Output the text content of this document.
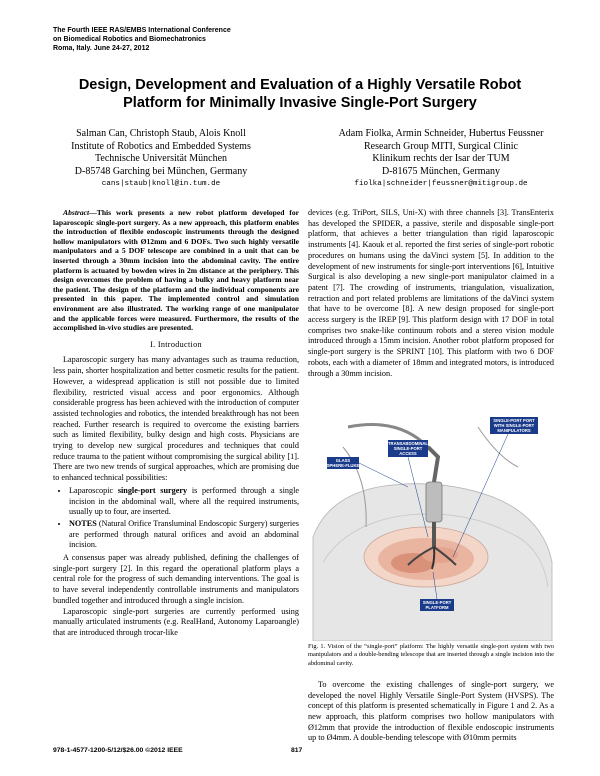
The Fourth IEEE RAS/EMBS International Conference
on Biomedical Robotics and Biomechatronics
Roma, Italy. June 24-27, 2012
Design, Development and Evaluation of a Highly Versatile Robot
Platform for Minimally Invasive Single-Port Surgery
Salman Can, Christoph Staub, Alois Knoll
Institute of Robotics and Embedded Systems
Technische Universität München
D-85748 Garching bei München, Germany
cans|staub|knoll@in.tum.de
Adam Fiolka, Armin Schneider, Hubertus Feussner
Research Group MITI, Surgical Clinic
Klinikum rechts der Isar der TUM
D-81675 München, Germany
fiolka|schneider|feussner@mitigroup.de
Abstract—This work presents a new robot platform developed for laparoscopic single-port surgery. As a new approach, this platform enables the introduction of flexible endoscopic instruments through the designed hollow manipulators with Ø12mm and 6 DOFs. Two such highly versatile manipulators and a 5 DOF telescope are combined in a unit that can be inserted through a 30mm incision into the abdominal cavity. The entire platform is actuated by bowden wires in 2m distance at the periphery. This design overcomes the problem of having a bulky and heavy platform near the patient. The design of the platform and the individual components are presented in this paper. The implemented control and simulation environment are also illustrated. The working range of one manipulator and the applicable forces were measured. Furthermore, the results of the accomplished in-vivo studies are presented.
I. Introduction

Laparoscopic surgery has many advantages such as trauma reduction, less pain, shorter hospitalization and better cosmetic results for the patient. However, a widespread application is still not possible due to limited flexibility, restricted visual access and poor ergonomics. Although considerable progress has been achieved with the introduction of computer assisted technologies and robotics, the intended breakthrough has not been reached. Further research is required to overcome the existing barriers such as limited flexibility, bulky design and high costs. Physicians are trying to develop new surgical procedures and techniques that could reduce trauma to the patient without compromising the surgical ability [1]. There are two new trends of surgical approaches, which are promising due to enhanced technical possibilities:

• Laparoscopic single-port surgery is performed through a single incision in the abdominal wall, where all the required instruments, usually up to four, are inserted.
• NOTES (Natural Orifice Transluminal Endoscopic Surgery) surgeries are performed through natural orifices and avoid an abdominal incision.

A consensus paper was already published, defining the challenges of single-port surgery [2]. In this regard the operational platform plays a central role for the progress of such demanding interventions. The goal is to have several independently controllable instruments and manipulators bundled together and introduced through a single incision.

Laparoscopic single-port surgeries are currently performed using manually articulated instruments (e.g. RealHand, Autonomy Laparoangle) that are introduced through trocar-like

devices (e.g. TriPort, SILS, Uni-X) with three channels [3]. TransEnterix has developed the SPIDER, a passive, sterile and disposable single-port platform, that achieves a better triangulation than rigid laparoscopic instruments [4]. Kaouk et al. reported the first series of single-port robotic procedures on humans using the daVinci system [5]. In addition to the development of new instruments for single-port interventions [6], Intuitive Surgical is also developing a new single-port manipulator claimed in a patent [7]. The crowding of instruments, triangulation, visualization, retraction and port related problems are limitations of the daVinci system that have to be overcome [8]. A new design proposed for single-port access surgery is the IREP [9]. This platform design with 17 DOF in total comprises two snake-like continuum robots and a stereo vision module introduced through a 15mm incision. Another robot platform proposed for single-port surgery is the SPRINT [10]. This platform with two 6 DOF robots, each with a diameter of 18mm and integrated motors, is introduced through a 30mm incision.

GLASS
SPHERE-FLUKE
TRANSABDOMINAL
SINGLE-PORT
ACCESS
SINGLE-PORT PORT
WITH SINGLE-PORT
MANIPULATORS
SINGLE-PORT
PLATFORM
Fig. 1. Vision of the “single-port” platform: The highly versatile single-port system with two manipulators and a double-bending telescope that are inserted through a single incision into the abdominal cavity.

To overcome the existing challenges of single-port surgery, we developed the novel Highly Versatile Single-Port System (HVSPS). The concept of this platform is presented schematically in Figure 1 and 2. As a new approach, this platform comprises two hollow manipulators with Ø12mm that provide the introduction of flexible endoscopic instruments up to Ø4mm. A double-bending telescope with Ø10mm permits

978-1-4577-1200-5/12/$26.00 ©2012 IEEE	817
